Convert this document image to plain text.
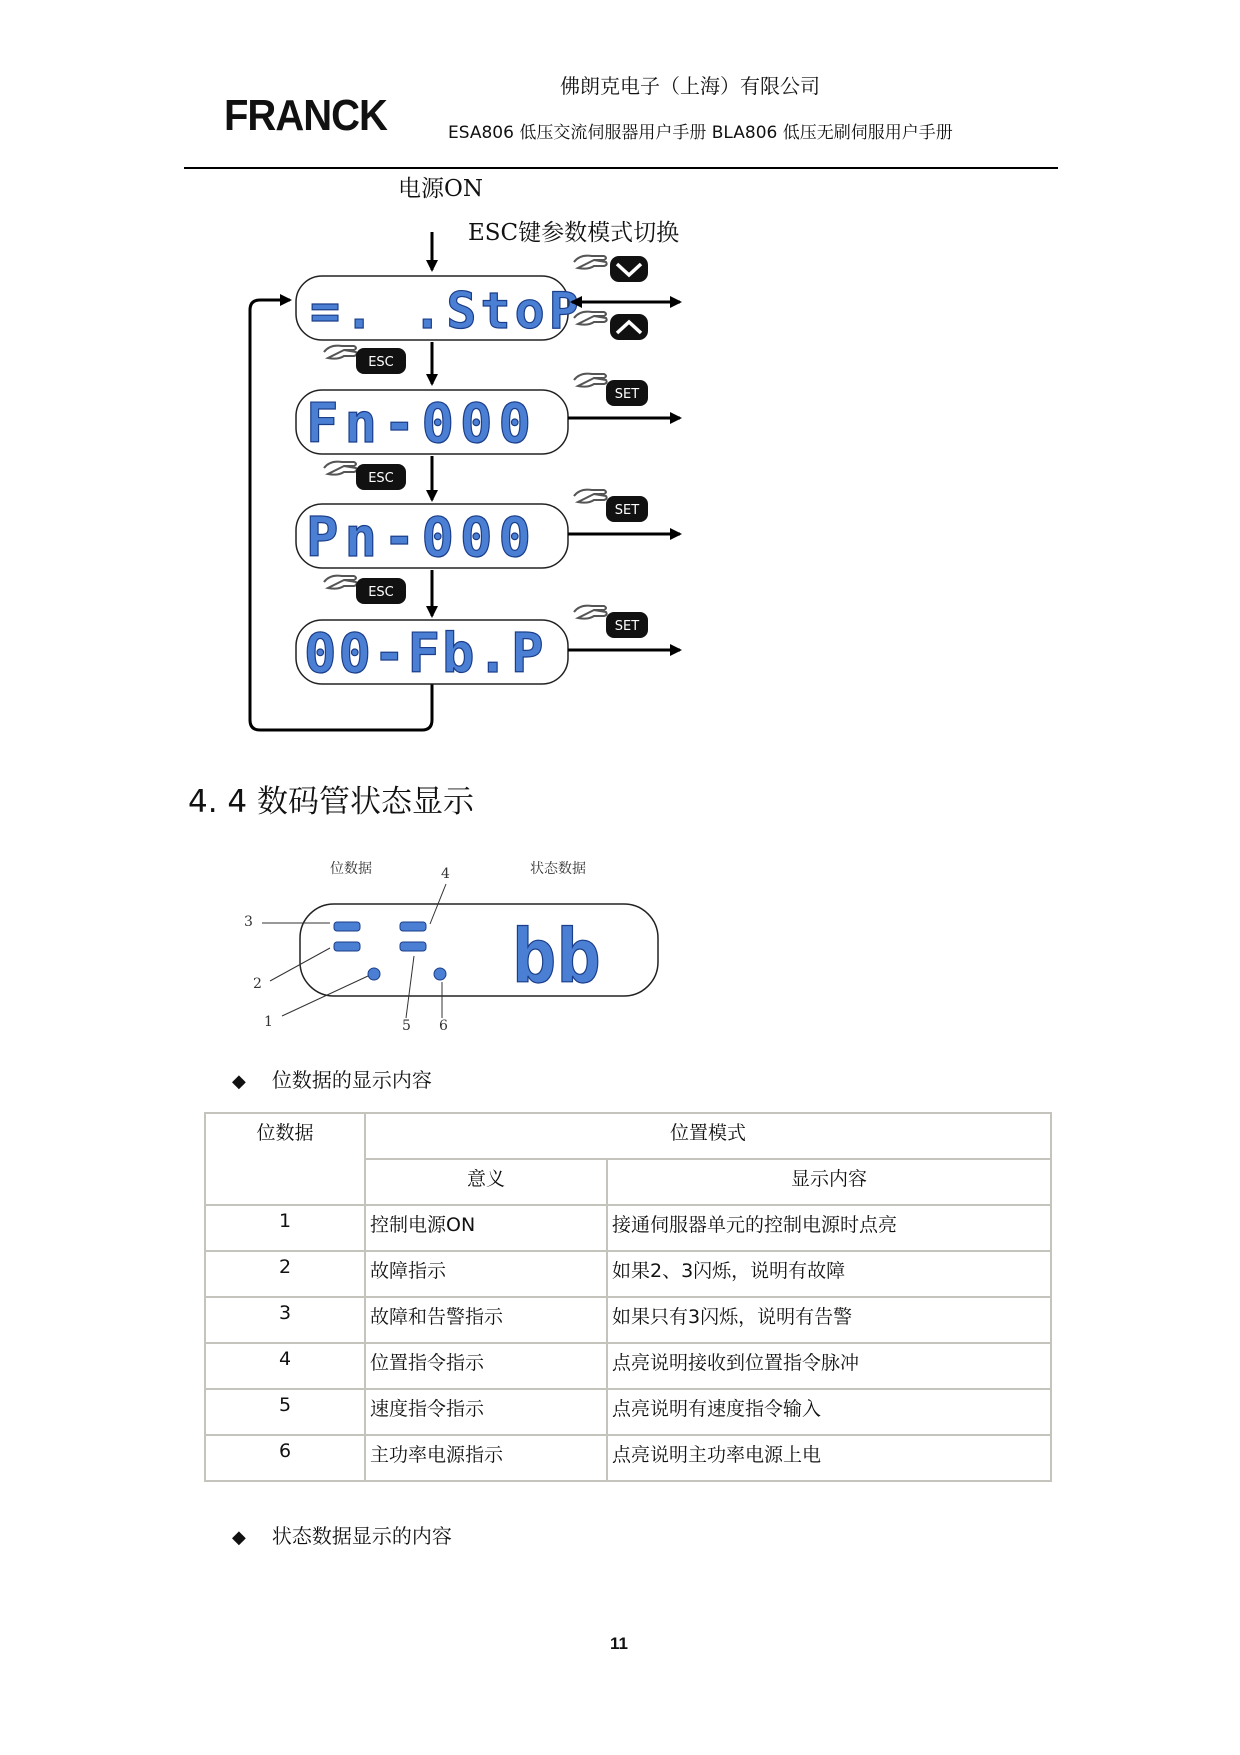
FRANCK
佛朗克电子（上海）有限公司
ESA806 低压交流伺服器用户手册 BLA806 低压无刷伺服用户手册
电源ON
ESC键参数模式切换
=. .StoP
Fn-000
Pn-000
00-Fb.P
ESC
ESC
ESC
SET
SET
SET
4. 4 数码管状态显示
位数据	状态数据
4
3
2
1	5 6
bb
◆ 位数据的显示内容
位数据	位置模式	
	意义	显示内容
1	控制电源ON	接通伺服器单元的控制电源时点亮
2	故障指示	如果2、3闪烁，说明有故障
3	故障和告警指示	如果只有3闪烁，说明有告警
4	位置指令指示	点亮说明接收到位置指令脉冲
5	速度指令指示	点亮说明有速度指令输入
6	主功率电源指示	点亮说明主功率电源上电
◆ 状态数据显示的内容
11
